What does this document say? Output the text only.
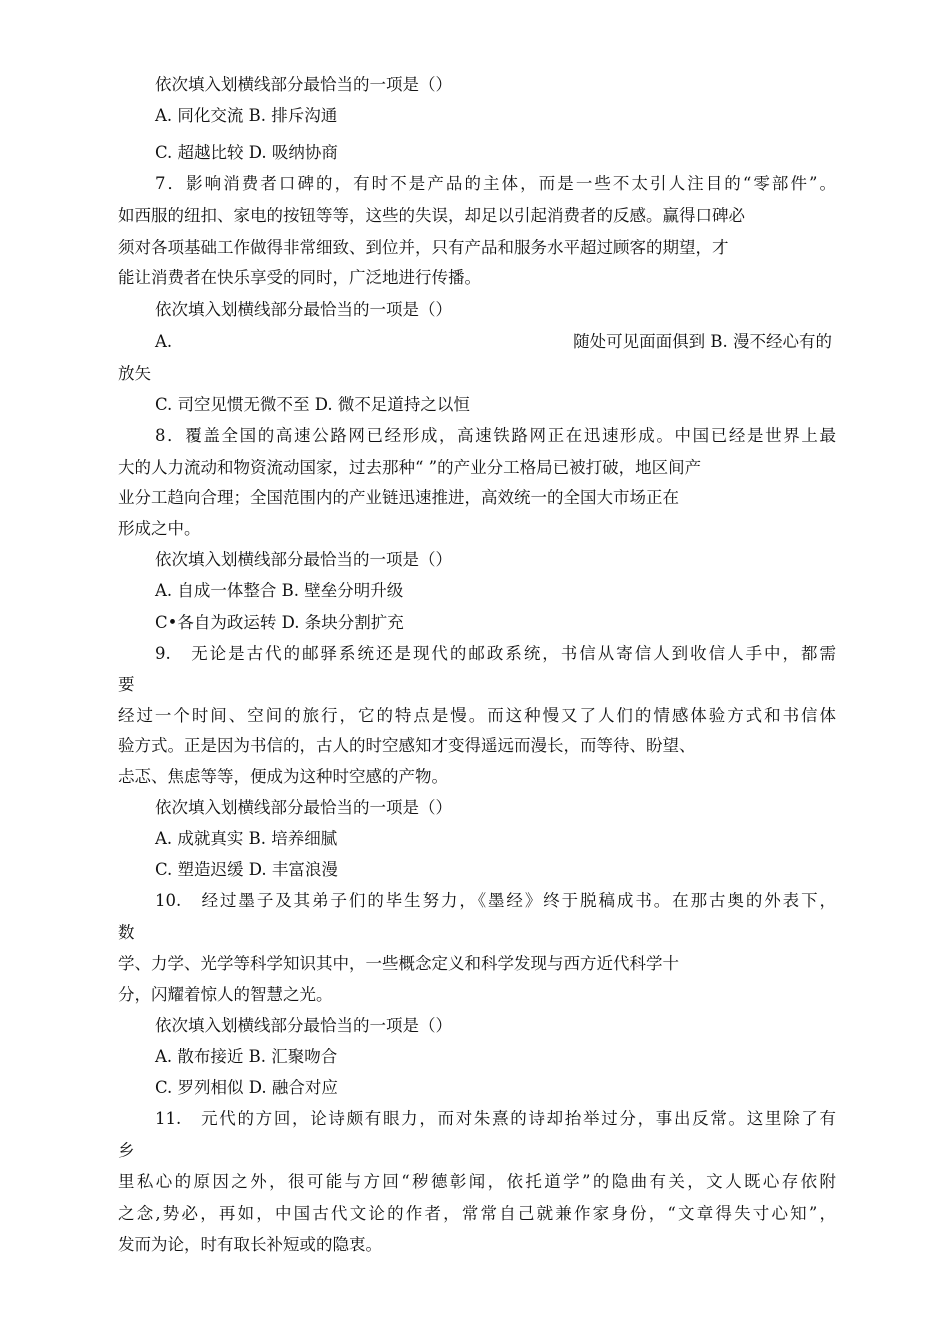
依次填入划横线部分最恰当的一项是（）
A. 同化交流 B. 排斥沟通
C. 超越比较 D. 吸纳协商
7．影响消费者口碑的，有时不是产品的主体，而是一些不太引人注目的“零部件”。
如西服的纽扣、家电的按钮等等，这些的失误，却足以引起消费者的反感。赢得口碑必
须对各项基础工作做得非常细致、到位并，只有产品和服务水平超过顾客的期望，才
能让消费者在快乐享受的同时，广泛地进行传播。
依次填入划横线部分最恰当的一项是（）
A.	随处可见面面俱到 B. 漫不经心有的
放矢
C. 司空见惯无微不至 D. 微不足道持之以恒
8．覆盖全国的高速公路网已经形成，高速铁路网正在迅速形成。中国已经是世界上最
大的人力流动和物资流动国家，过去那种“ ”的产业分工格局已被打破，地区间产
业分工趋向合理；全国范围内的产业链迅速推进，高效统一的全国大市场正在
形成之中。
依次填入划横线部分最恰当的一项是（）
A. 自成一体整合 B. 壁垒分明升级
C•各自为政运转 D. 条块分割扩充
9.　无论是古代的邮驿系统还是现代的邮政系统，书信从寄信人到收信人手中，都需
要
经过一个时间、空间的旅行，它的特点是慢。而这种慢又了人们的情感体验方式和书信体
验方式。正是因为书信的，古人的时空感知才变得遥远而漫长，而等待、盼望、
忐忑、焦虑等等，便成为这种时空感的产物。
依次填入划横线部分最恰当的一项是（）
A. 成就真实 B. 培养细腻
C. 塑造迟缓 D. 丰富浪漫
10.　经过墨子及其弟子们的毕生努力，《墨经》终于脱稿成书。在那古奥的外表下，
数
学、力学、光学等科学知识其中，一些概念定义和科学发现与西方近代科学十
分，闪耀着惊人的智慧之光。
依次填入划横线部分最恰当的一项是（）
A. 散布接近 B. 汇聚吻合
C. 罗列相似 D. 融合对应
11.　元代的方回，论诗颇有眼力，而对朱熹的诗却抬举过分，事出反常。这里除了有
乡
里私心的原因之外，很可能与方回“秽德彰闻，依托道学”的隐曲有关，文人既心存依附
之念,势必，再如，中国古代文论的作者，常常自己就兼作家身份，“文章得失寸心知”，
发而为论，时有取长补短或的隐衷。
